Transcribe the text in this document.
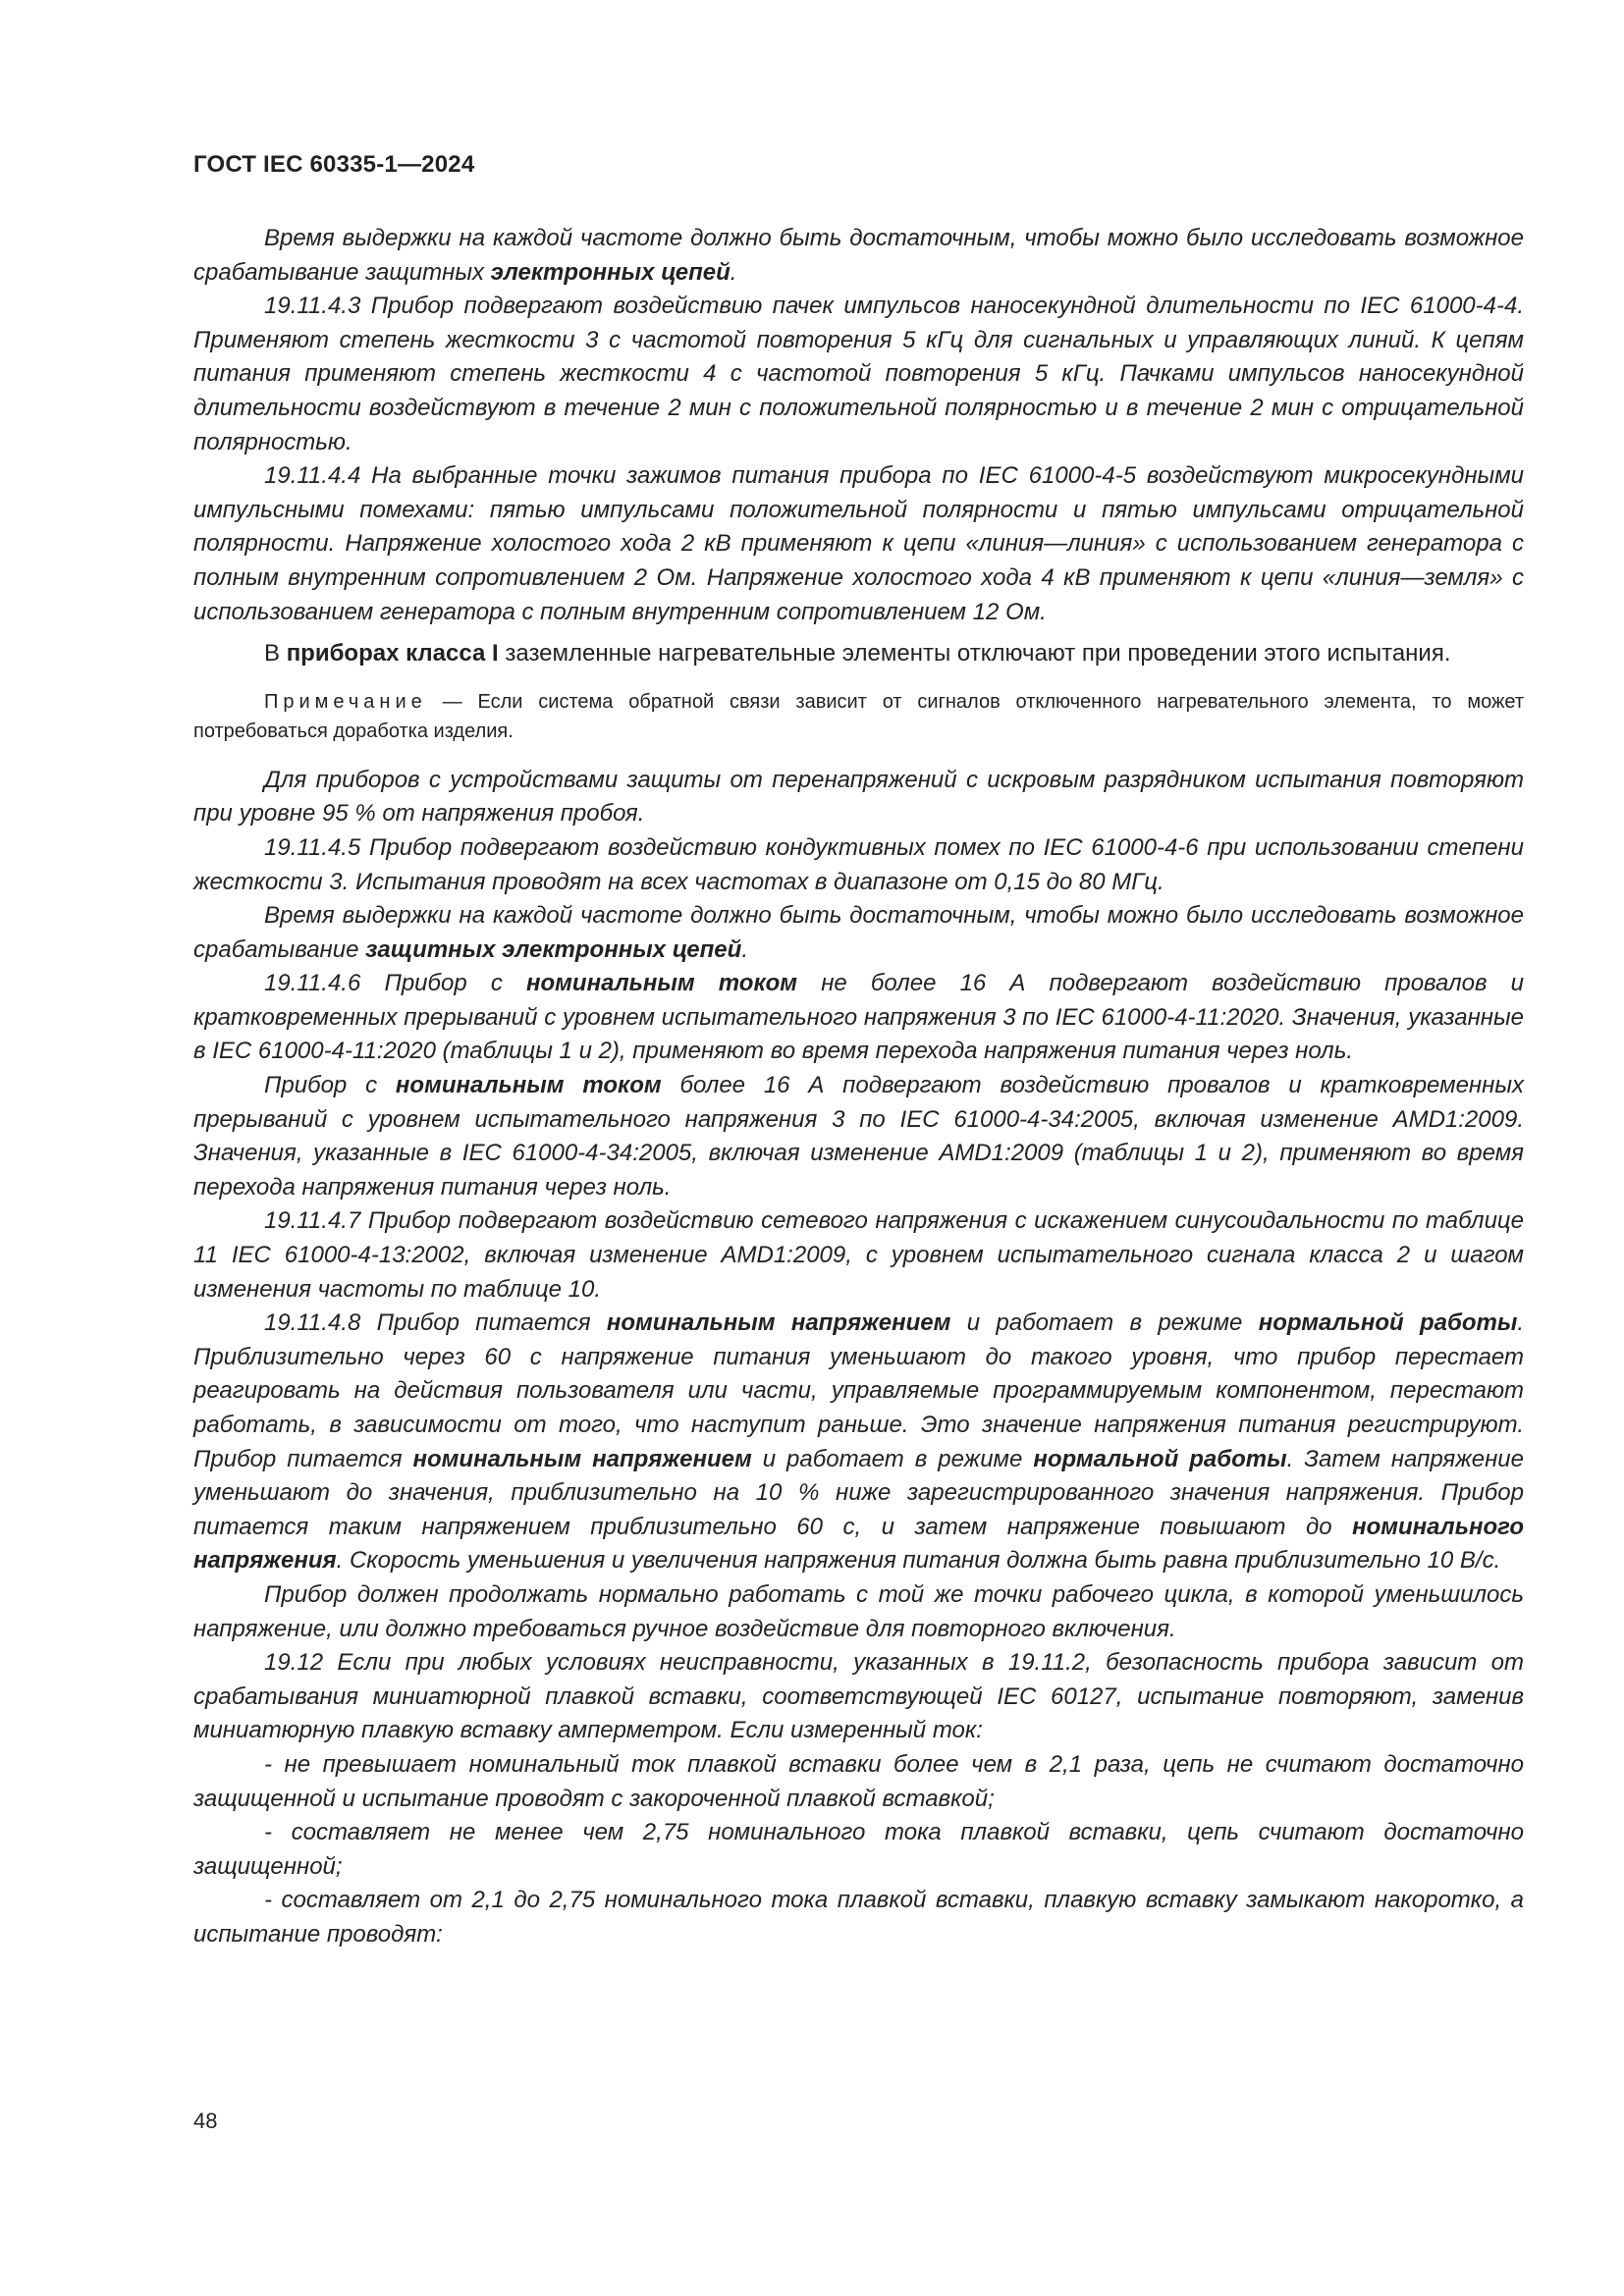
ГОСТ IEC 60335-1—2024

Время выдержки на каждой частоте должно быть достаточным, чтобы можно было исследовать возможное срабатывание защитных электронных цепей.

19.11.4.3 Прибор подвергают воздействию пачек импульсов наносекундной длительности по IEC 61000-4-4. Применяют степень жесткости 3 с частотой повторения 5 кГц для сигнальных и управляющих линий. К цепям питания применяют степень жесткости 4 с частотой повторения 5 кГц. Пачками импульсов наносекундной длительности воздействуют в течение 2 мин с положительной полярностью и в течение 2 мин с отрицательной полярностью.

19.11.4.4 На выбранные точки зажимов питания прибора по IEC 61000-4-5 воздействуют микросекундными импульсными помехами: пятью импульсами положительной полярности и пятью импульсами отрицательной полярности. Напряжение холостого хода 2 кВ применяют к цепи «линия—линия» с использованием генератора с полным внутренним сопротивлением 2 Ом. Напряжение холостого хода 4 кВ применяют к цепи «линия—земля» с использованием генератора с полным внутренним сопротивлением 12 Ом.

В приборах класса I заземленные нагревательные элементы отключают при проведении этого испытания.

Примечание — Если система обратной связи зависит от сигналов отключенного нагревательного элемента, то может потребоваться доработка изделия.

Для приборов с устройствами защиты от перенапряжений с искровым разрядником испытания повторяют при уровне 95 % от напряжения пробоя.

19.11.4.5 Прибор подвергают воздействию кондуктивных помех по IEC 61000-4-6 при использовании степени жесткости 3. Испытания проводят на всех частотах в диапазоне от 0,15 до 80 МГц.

Время выдержки на каждой частоте должно быть достаточным, чтобы можно было исследовать возможное срабатывание защитных электронных цепей.

19.11.4.6 Прибор с номинальным током не более 16 А подвергают воздействию провалов и кратковременных прерываний с уровнем испытательного напряжения 3 по IEC 61000-4-11:2020. Значения, указанные в IEC 61000-4-11:2020 (таблицы 1 и 2), применяют во время перехода напряжения питания через ноль.

Прибор с номинальным током более 16 А подвергают воздействию провалов и кратковременных прерываний с уровнем испытательного напряжения 3 по IEC 61000-4-34:2005, включая изменение AMD1:2009. Значения, указанные в IEC 61000-4-34:2005, включая изменение AMD1:2009 (таблицы 1 и 2), применяют во время перехода напряжения питания через ноль.

19.11.4.7 Прибор подвергают воздействию сетевого напряжения с искажением синусоидальности по таблице 11 IEC 61000-4-13:2002, включая изменение AMD1:2009, с уровнем испытательного сигнала класса 2 и шагом изменения частоты по таблице 10.

19.11.4.8 Прибор питается номинальным напряжением и работает в режиме нормальной работы. Приблизительно через 60 с напряжение питания уменьшают до такого уровня, что прибор перестает реагировать на действия пользователя или части, управляемые программируемым компонентом, перестают работать, в зависимости от того, что наступит раньше. Это значение напряжения питания регистрируют. Прибор питается номинальным напряжением и работает в режиме нормальной работы. Затем напряжение уменьшают до значения, приблизительно на 10 % ниже зарегистрированного значения напряжения. Прибор питается таким напряжением приблизительно 60 с, и затем напряжение повышают до номинального напряжения. Скорость уменьшения и увеличения напряжения питания должна быть равна приблизительно 10 В/с.

Прибор должен продолжать нормально работать с той же точки рабочего цикла, в которой уменьшилось напряжение, или должно требоваться ручное воздействие для повторного включения.

19.12 Если при любых условиях неисправности, указанных в 19.11.2, безопасность прибора зависит от срабатывания миниатюрной плавкой вставки, соответствующей IEC 60127, испытание повторяют, заменив миниатюрную плавкую вставку амперметром. Если измеренный ток:

- не превышает номинальный ток плавкой вставки более чем в 2,1 раза, цепь не считают достаточно защищенной и испытание проводят с закороченной плавкой вставкой;

- составляет не менее чем 2,75 номинального тока плавкой вставки, цепь считают достаточно защищенной;

- составляет от 2,1 до 2,75 номинального тока плавкой вставки, плавкую вставку замыкают накоротко, а испытание проводят:

48
